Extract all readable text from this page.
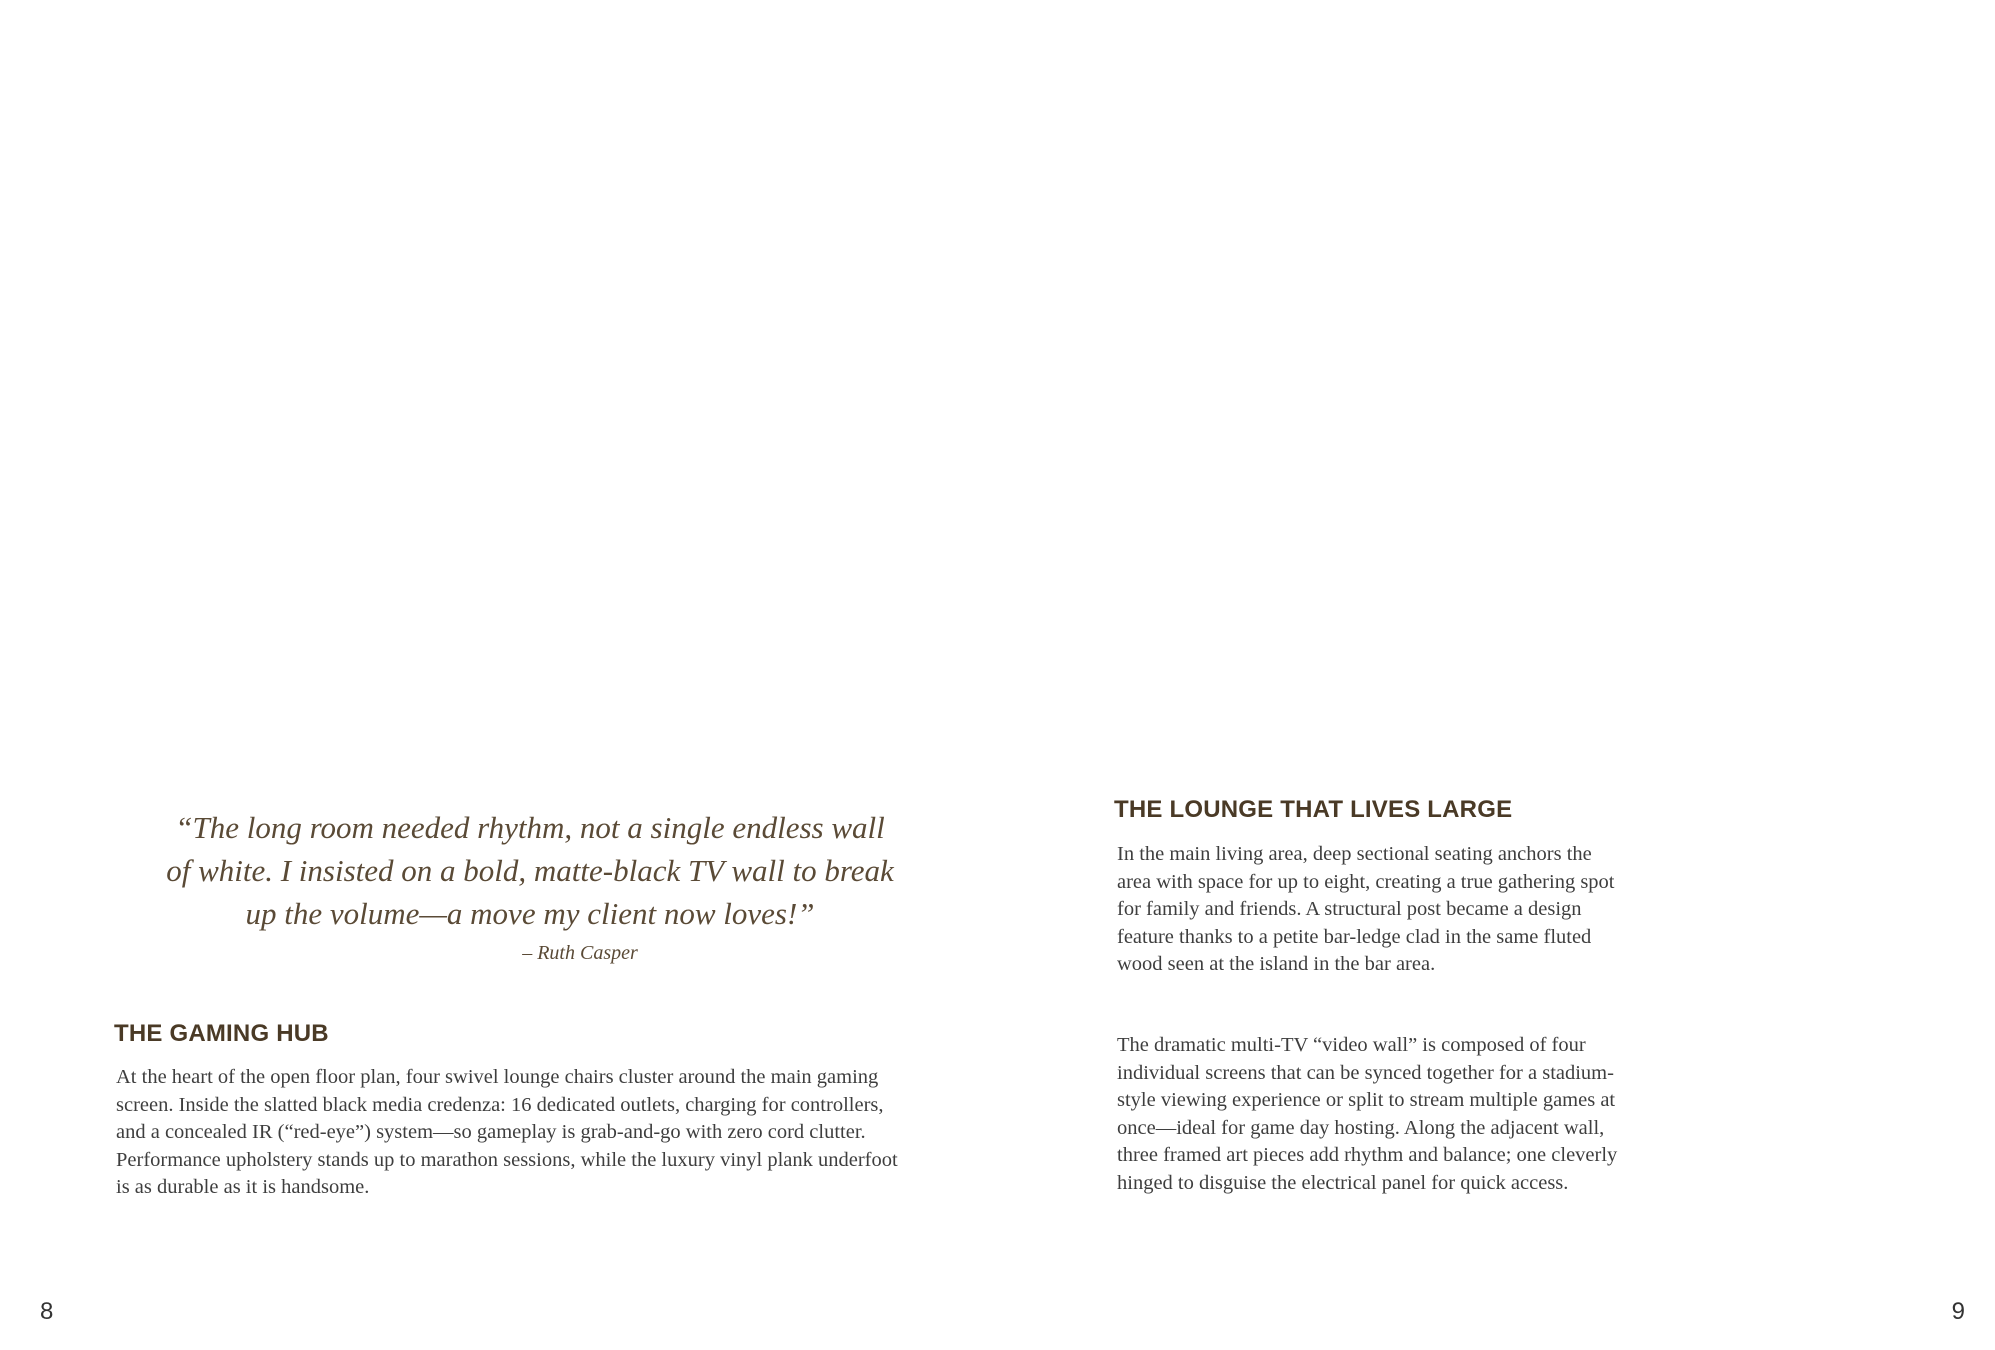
“The long room needed rhythm, not a single endless wall of white. I insisted on a bold, matte-black TV wall to break up the volume—a move my client now loves!”

– Ruth Casper
THE GAMING HUB

At the heart of the open floor plan, four swivel lounge chairs cluster around the main gaming screen. Inside the slatted black media credenza: 16 dedicated outlets, charging for controllers, and a concealed IR (“red-eye”) system—so gameplay is grab-and-go with zero cord clutter. Performance upholstery stands up to marathon sessions, while the luxury vinyl plank underfoot is as durable as it is handsome.

8
THE LOUNGE THAT LIVES LARGE

In the main living area, deep sectional seating anchors the area with space for up to eight, creating a true gathering spot for family and friends. A structural post became a design feature thanks to a petite bar-ledge clad in the same fluted wood seen at the island in the bar area.

The dramatic multi-TV “video wall” is composed of four individual screens that can be synced together for a stadium-style viewing experience or split to stream multiple games at once—ideal for game day hosting. Along the adjacent wall, three framed art pieces add rhythm and balance; one cleverly hinged to disguise the electrical panel for quick access.

9
